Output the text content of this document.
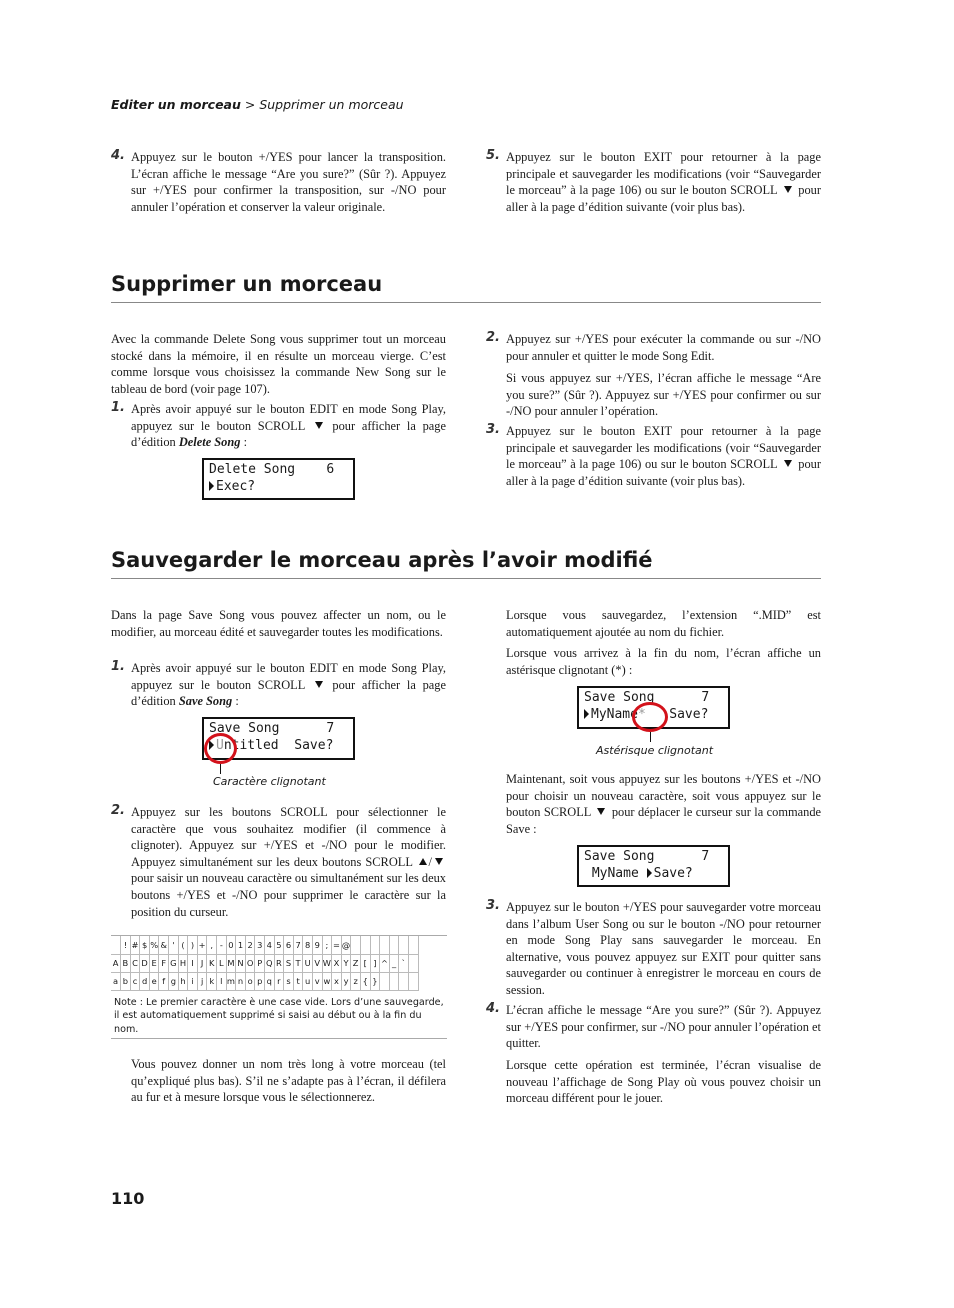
Editer un morceau > Supprimer un morceau
4. Appuyez sur le bouton +/YES pour lancer la transposition. L’écran affiche le message “Are you sure?” (Sûr ?). Appuyez sur +/YES pour confirmer la transposition, sur -/NO pour annuler l’opération et conserver la valeur originale.
5. Appuyez sur le bouton EXIT pour retourner à la page principale et sauvegarder les modifications (voir “Sauvegarder le morceau” à la page 106) ou sur le bouton SCROLL pour aller à la page d’édition suivante (voir plus bas).
Supprimer un morceau
Avec la commande Delete Song vous supprimer tout un morceau stocké dans la mémoire, il en résulte un morceau vierge. C’est comme lorsque vous choisissez la commande New Song sur le tableau de bord (voir page 107).
1. Après avoir appuyé sur le bouton EDIT en mode Song Play, appuyez sur le bouton SCROLL pour afficher la page d’édition Delete Song :
Delete Song    6
Exec?
2. Appuyez sur +/YES pour exécuter la commande ou sur -/NO pour annuler et quitter le mode Song Edit.
Si vous appuyez sur +/YES, l’écran affiche le message “Are you sure?” (Sûr ?). Appuyez sur +/YES pour confirmer ou sur -/NO pour annuler l’opération.
3. Appuyez sur le bouton EXIT pour retourner à la page principale et sauvegarder les modifications (voir “Sauvegarder le morceau” à la page 106) ou sur le bouton SCROLL pour aller à la page d’édition suivante (voir plus bas).
Sauvegarder le morceau après l’avoir modifié
Dans la page Save Song vous pouvez affecter un nom, ou le modifier, au morceau édité et sauvegarder toutes les modifications.
1. Après avoir appuyé sur le bouton EDIT en mode Song Play, appuyez sur le bouton SCROLL pour afficher la page d’édition Save Song :
Save Song      7
Untitled  Save?
Caractère clignotant
2. Appuyez sur les boutons SCROLL pour sélectionner le caractère que vous souhaitez modifier (il commence à clignoter). Appuyez sur +/YES et -/NO pour le modifier. Appuyez simultanément sur les deux boutons SCROLL / pour saisir un nouveau caractère ou simultanément sur les deux boutons +/YES et -/NO pour supprimer le caractère sur la position du curseur.
	!	#	$	%	&	'	(	)	+	,	-	0	1	2	3	4	5	6	7	8	9	;	=	@							
A	B	C	D	E	F	G	H	I	J	K	L	M	N	O	P	Q	R	S	T	U	V	W	X	Y	Z	[	]	^	_	`	
a	b	c	d	e	f	g	h	i	j	k	l	m	n	o	p	q	r	s	t	u	v	w	x	y	z	{	}				
Note : Le premier caractère è une case vide. Lors d’une sauvegarde, il est automatiquement supprimé si saisi au début ou à la fin du nom.
Vous pouvez donner un nom très long à votre morceau (tel qu’expliqué plus bas). S’il ne s’adapte pas à l’écran, il défilera au fur et à mesure lorsque vous le sélectionnerez.
Lorsque vous sauvegardez, l’extension “.MID” est automatiquement ajoutée au nom du fichier.
Lorsque vous arrivez à la fin du nom, l’écran affiche un astérisque clignotant (*) :
Save Song      7
MyName*   Save?
Astérisque clignotant
Maintenant, soit vous appuyez sur les boutons +/YES et -/NO pour choisir un nouveau caractère, soit vous appuyez sur le bouton SCROLL pour déplacer le curseur sur la commande Save :
Save Song      7
MyName Save?
3. Appuyez sur le bouton +/YES pour sauvegarder votre morceau dans l’album User Song ou sur le bouton -/NO pour retourner en mode Song Play sans sauvegarder le morceau. En alternative, vous pouvez appuyez sur EXIT pour quitter sans sauvegarder ou continuer à enregistrer le morceau en cours de session.
4. L’écran affiche le message “Are you sure?” (Sûr ?). Appuyez sur +/YES pour confirmer, sur -/NO pour annuler l’opération et quitter.
Lorsque cette opération est terminée, l’écran visualise de nouveau l’affichage de Song Play où vous pouvez choisir un morceau différent pour le jouer.
110
